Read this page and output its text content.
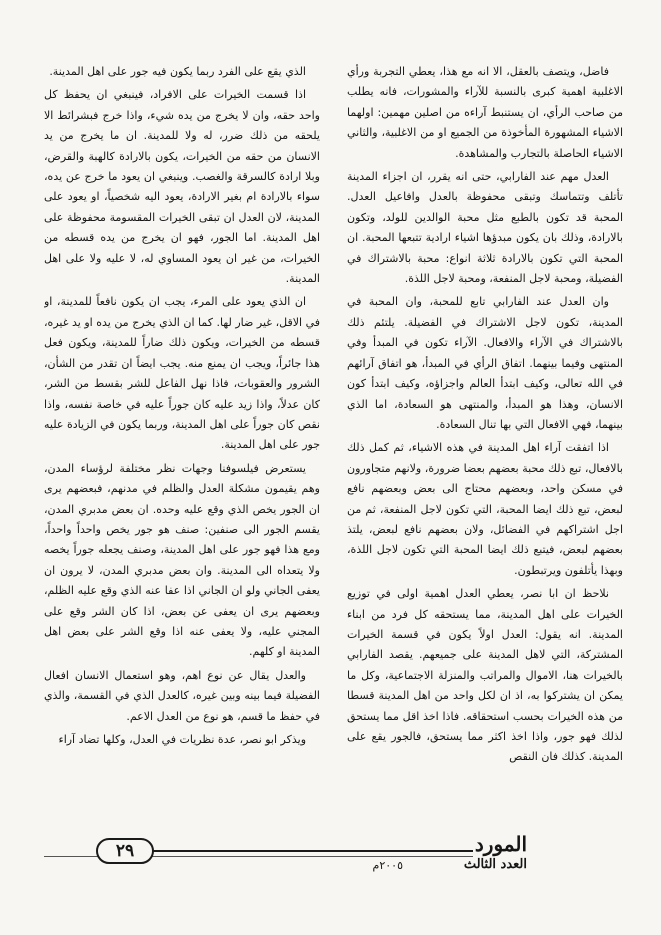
فاضل، ويتصف بالعقل، الا انه مع هذا، يعطي التجربة ورأي الاغلبية اهمية كبرى بالنسبة للآراء والمشورات، فانه يطلب من صاحب الرأي، ان يستنبط آراءه من اصلين مهمين: اولهما الاشياء المشهورة المأخوذة من الجميع او من الاغلبية، والثاني الاشياء الحاصلة بالتجارب والمشاهدة.

العدل مهم عند الفارابي، حتى انه يقرر، ان اجزاء المدينة تأتلف وتتماسك وتبقى محفوظة بالعدل وافاعيل العدل. المحبة قد تكون بالطبع مثل محبة الوالدين للولد، وتكون بالارادة، وذلك بان يكون مبدؤها اشياء ارادية تتبعها المحبة. ان المحبة التي تكون بالارادة ثلاثة انواع: محبة بالاشتراك في الفضيلة، ومحبة لاجل المنفعة، ومحبة لاجل اللذة.

وان العدل عند الفارابي تابع للمحبة، وان المحبة في المدينة، تكون لاجل الاشتراك في الفضيلة. يلتئم ذلك بالاشتراك في الآراء والافعال. الآراء تكون في المبدأ وفي المنتهى وفيما بينهما. اتفاق الرأي في المبدأ، هو اتفاق آرائهم في الله تعالى، وكيف ابتدأ العالم واجزاؤه، وكيف ابتدأ كون الانسان، وهذا هو المبدأ، والمنتهى هو السعادة، اما الذي بينهما، فهي الافعال التي بها تنال السعادة.

اذا اتفقت آراء اهل المدينة في هذه الاشياء، ثم كمل ذلك بالافعال، تبع ذلك محبة بعضهم بعضا ضرورة، ولانهم متجاورون في مسكن واحد، وبعضهم محتاج الى بعض وبعضهم نافع لبعض، تبع ذلك ايضا المحبة، التي تكون لاجل المنفعة، ثم من اجل اشتراكهم في الفضائل، ولان بعضهم نافع لبعض، يلتذ بعضهم لبعض، فيتبع ذلك ايضا المحبة التي تكون لاجل اللذة، وبهذا يأتلفون ويرتبطون.

نلاحظ ان ابا نصر، يعطي العدل اهمية اولى في توزيع الخيرات على اهل المدينة، مما يستحقه كل فرد من ابناء المدينة. انه يقول: العدل اولاً يكون في قسمة الخيرات المشتركة، التي لاهل المدينة على جميعهم. يقصد الفارابي بالخيرات هنا، الاموال والمراتب والمنزلة الاجتماعية، وكل ما يمكن ان يشتركوا به، اذ ان لكل واحد من اهل المدينة قسطا من هذه الخيرات بحسب استحقاقه. فاذا اخذ اقل مما يستحق لذلك فهو جور، واذا اخذ اكثر مما يستحق، فالجور يقع على المدينة. كذلك فان النقص

الذي يقع على الفرد ربما يكون فيه جور على اهل المدينة.

اذا قسمت الخيرات على الافراد، فينبغي ان يحفظ كل واحد حقه، وان لا يخرج من يده شيء، واذا خرج فبشرائط الا يلحقه من ذلك ضرر، له ولا للمدينة. ان ما يخرج من يد الانسان من حقه من الخيرات، يكون بالارادة كالهبة والقرض، وبلا ارادة كالسرقة والغصب. وينبغي ان يعود ما خرج عن يده، سواء بالارادة ام بغير الارادة، يعود اليه شخصياً، او يعود على المدينة، لان العدل ان تبقى الخيرات المقسومة محفوظة على اهل المدينة. اما الجور، فهو ان يخرج من يده قسطه من الخيرات، من غير ان يعود المساوي له، لا عليه ولا على اهل المدينة.

ان الذي يعود على المرء، يجب ان يكون نافعاً للمدينة، او في الاقل، غير ضار لها. كما ان الذي يخرج من يده او يد غيره، قسطه من الخيرات، ويكون ذلك ضاراً للمدينة، ويكون فعل هذا جائراً، ويجب ان يمنع منه. يجب ايضاً ان تقدر من الشأن، الشرور والعقوبات، فاذا نهل الفاعل للشر بقسط من الشر، كان عدلاً، واذا زيد عليه كان جوراً عليه في خاصة نفسه، واذا نقص كان جوراً على اهل المدينة، وربما يكون في الزيادة عليه جور على اهل المدينة.

يستعرض فيلسوفنا وجهات نظر مختلفة لرؤساء المدن، وهم يقيمون مشكلة العدل والظلم في مدنهم، فبعضهم يرى ان الجور يخص الذي وقع عليه وحده. ان بعض مدبري المدن، يقسم الجور الى صنفين: صنف هو جور يخص واحداً واحداً، ومع هذا فهو جور على اهل المدينة، وصنف يجعله جوراً يخصه ولا يتعداه الى المدينة. وان بعض مدبري المدن، لا يرون ان يعفى الجاني ولو ان الجاني اذا عفا عنه الذي وقع عليه الظلم، وبعضهم يرى ان يعفى عن بعض، اذا كان الشر وقع على المجني عليه، ولا يعفى عنه اذا وقع الشر على بعض اهل المدينة او كلهم.

والعدل يقال عن نوع اهم، وهو استعمال الانسان افعال الفضيلة فيما بينه وبين غيره، كالعدل الذي في القسمة، والذي في حفظ ما قسم، هو نوع من العدل الاعم.

ويذكر ابو نصر، عدة نظريات في العدل، وكلها تضاد آراء

٢٩	المورد
العدد الثالث
٢٠٠٥م
